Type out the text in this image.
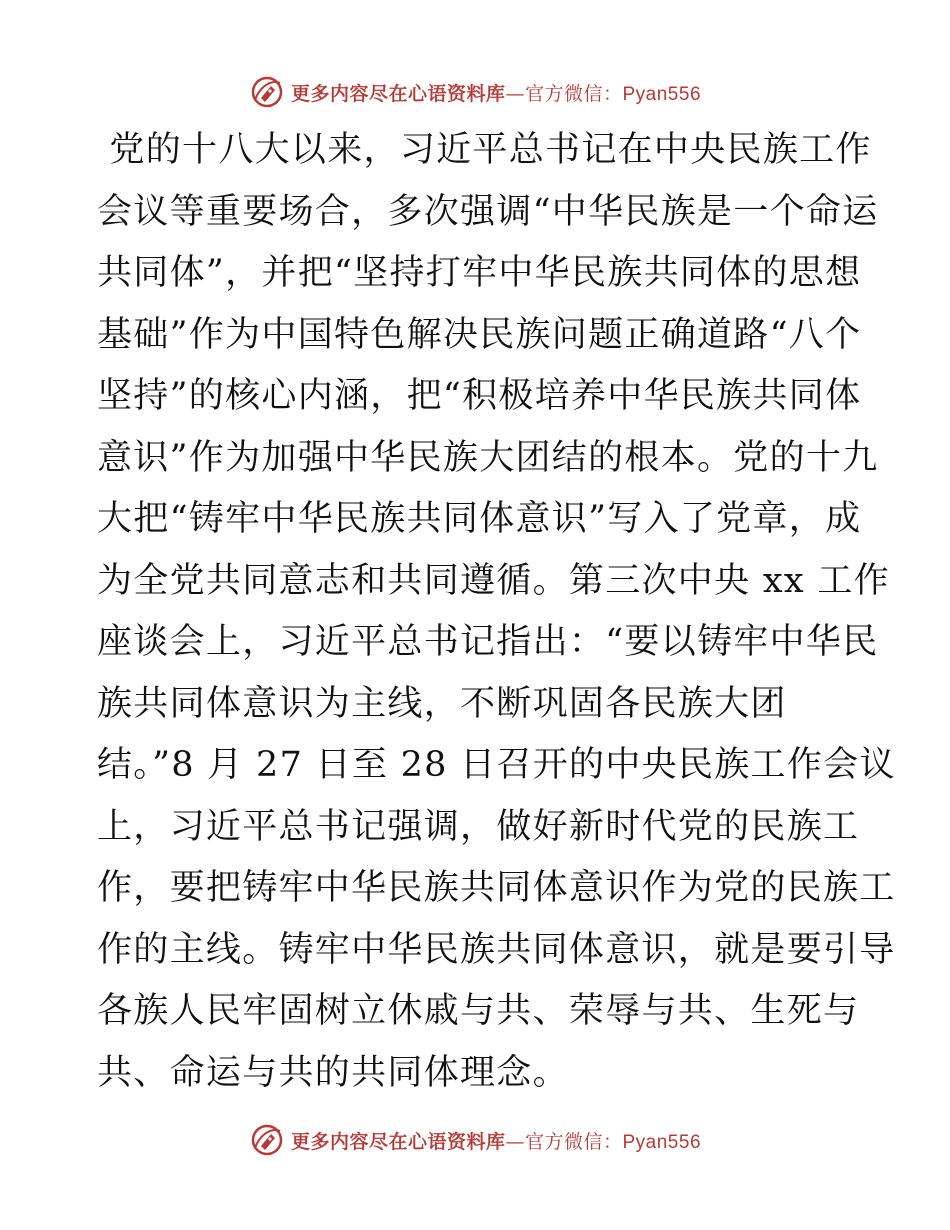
更多内容尽在心语资料库—官方微信：Pyan556
党的十八大以来，习近平总书记在中央民族工作
会议等重要场合，多次强调“中华民族是一个命运
共同体”，并把“坚持打牢中华民族共同体的思想
基础”作为中国特色解决民族问题正确道路“八个
坚持”的核心内涵，把“积极培养中华民族共同体
意识”作为加强中华民族大团结的根本。党的十九
大把“铸牢中华民族共同体意识”写入了党章，成
为全党共同意志和共同遵循。第三次中央 xx 工作
座谈会上，习近平总书记指出：“要以铸牢中华民
族共同体意识为主线，不断巩固各民族大团
结。”8 月 27 日至 28 日召开的中央民族工作会议
上，习近平总书记强调，做好新时代党的民族工
作，要把铸牢中华民族共同体意识作为党的民族工
作的主线。铸牢中华民族共同体意识，就是要引导
各族人民牢固树立休戚与共、荣辱与共、生死与
共、命运与共的共同体理念。
更多内容尽在心语资料库—官方微信：Pyan556
